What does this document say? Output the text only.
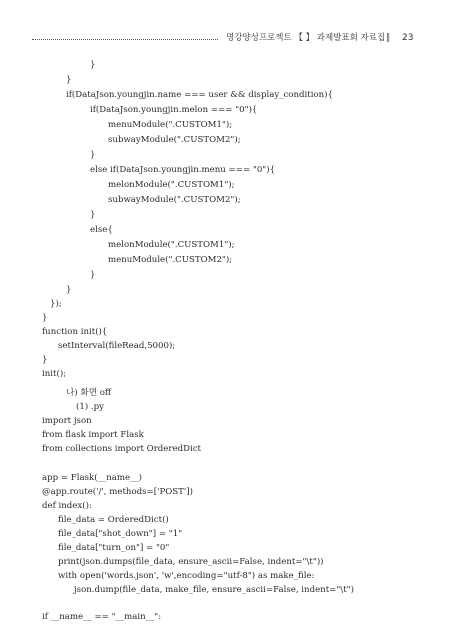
명강양성프로젝트 【 】 과제발표회 자료집 ‖ 23
}
}
if(DataJson.youngjin.name === user && display_condition){
if(DataJson.youngjin.melon === "0"){
menuModule(".CUSTOM1");
subwayModule(".CUSTOM2");
}
else if(DataJson.youngjin.menu === "0"){
melonModule(".CUSTOM1");
subwayModule(".CUSTOM2");
}
else{
melonModule(".CUSTOM1");
menuModule(".CUSTOM2");
}
}
});
}
function init(){
setInterval(fileRead,5000);
}
init();
나) 화면 off
(1) .py
import json
from flask import Flask
from collections import OrderedDict
app = Flask(__name__)
@app.route('/', methods=['POST'])
def index():
file_data = OrderedDict()
file_data["shot_down"] = "1"
file_data["turn_on"] = "0"
print(json.dumps(file_data, ensure_ascii=False, indent="\t"))
with open('words.json', 'w',encoding="utf-8") as make_file:
json.dump(file_data, make_file, ensure_ascii=False, indent="\t")
if __name__ == "__main__":
